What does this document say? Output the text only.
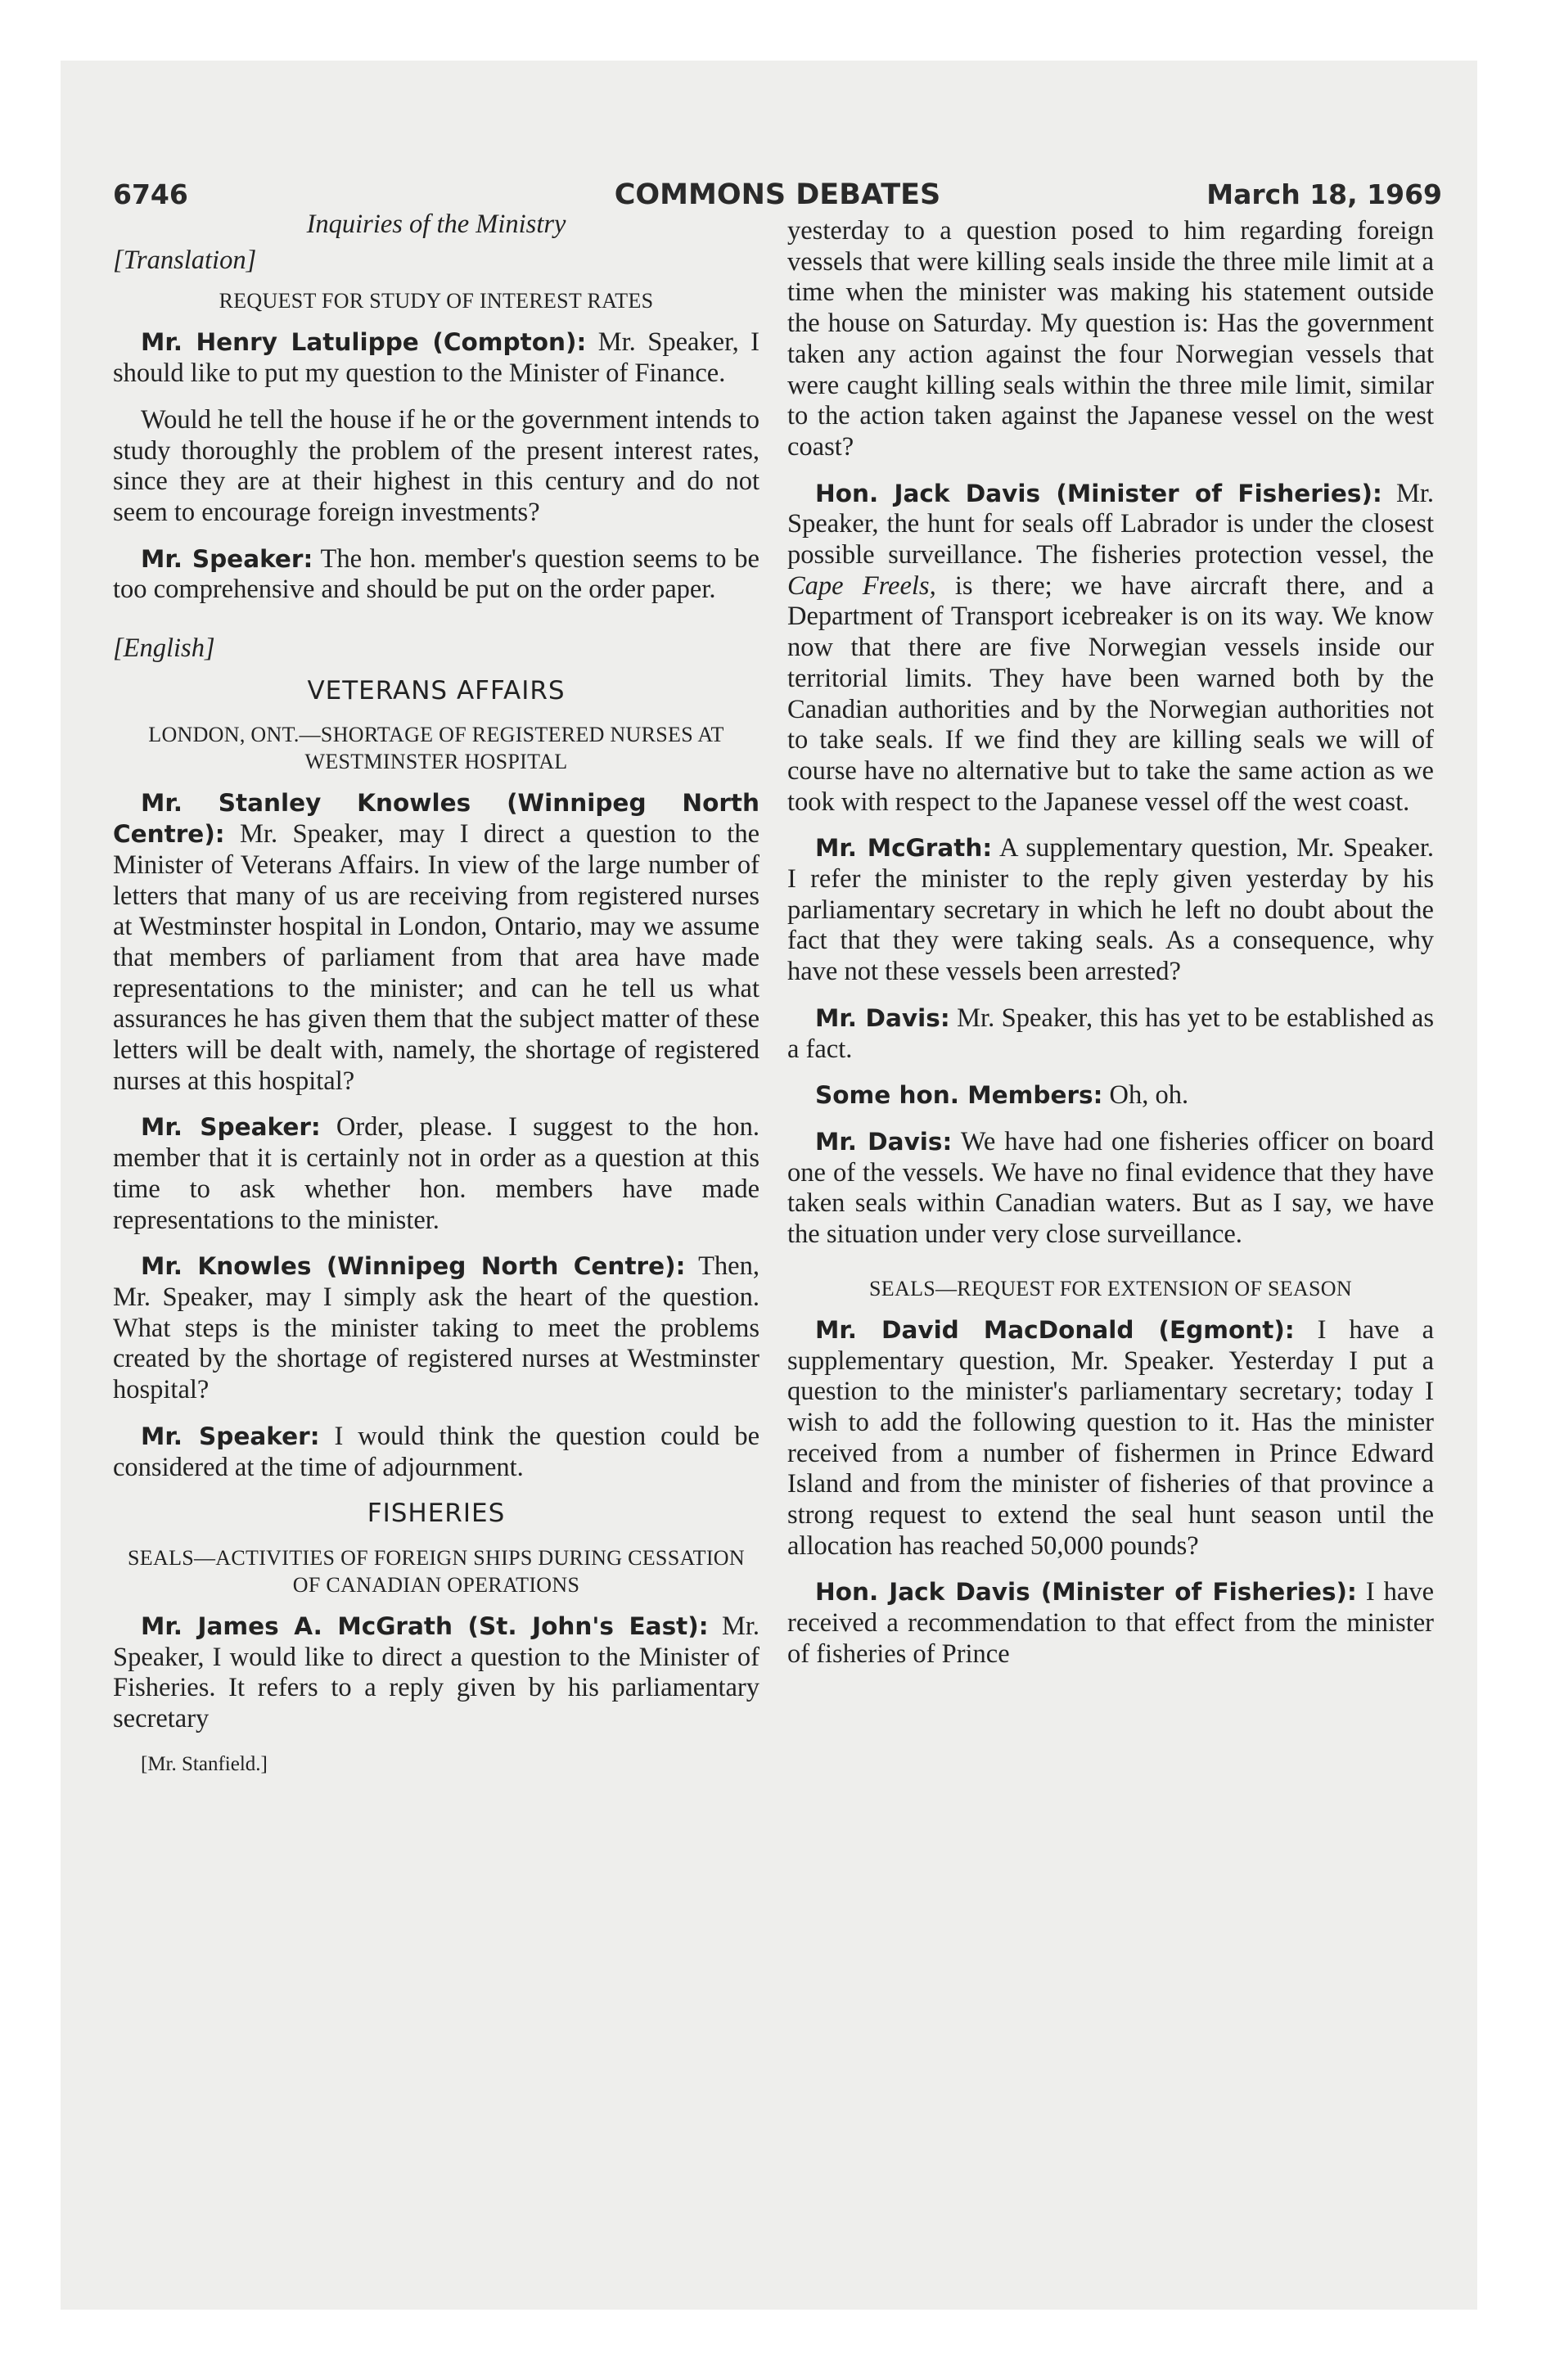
6746	COMMONS DEBATES	March 18, 1969
Inquiries of the Ministry
[Translation]
REQUEST FOR STUDY OF INTEREST RATES

Mr. Henry Latulippe (Compton): Mr. Speaker, I should like to put my question to the Minister of Finance.

Would he tell the house if he or the government intends to study thoroughly the problem of the present interest rates, since they are at their highest in this century and do not seem to encourage foreign investments?

Mr. Speaker: The hon. member's question seems to be too comprehensive and should be put on the order paper.

[English]
VETERANS AFFAIRS
LONDON, ONT.—SHORTAGE OF REGISTERED NURSES AT WESTMINSTER HOSPITAL

Mr. Stanley Knowles (Winnipeg North Centre): Mr. Speaker, may I direct a question to the Minister of Veterans Affairs. In view of the large number of letters that many of us are receiving from registered nurses at Westminster hospital in London, Ontario, may we assume that members of parliament from that area have made representations to the minister; and can he tell us what assurances he has given them that the subject matter of these letters will be dealt with, namely, the shortage of registered nurses at this hospital?

Mr. Speaker: Order, please. I suggest to the hon. member that it is certainly not in order as a question at this time to ask whether hon. members have made representations to the minister.

Mr. Knowles (Winnipeg North Centre): Then, Mr. Speaker, may I simply ask the heart of the question. What steps is the minister taking to meet the problems created by the shortage of registered nurses at Westminster hospital?

Mr. Speaker: I would think the question could be considered at the time of adjournment.

FISHERIES
SEALS—ACTIVITIES OF FOREIGN SHIPS DURING CESSATION OF CANADIAN OPERATIONS

Mr. James A. McGrath (St. John's East): Mr. Speaker, I would like to direct a question to the Minister of Fisheries. It refers to a reply given by his parliamentary secretary

[Mr. Stanfield.]

yesterday to a question posed to him regarding foreign vessels that were killing seals inside the three mile limit at a time when the minister was making his statement outside the house on Saturday. My question is: Has the government taken any action against the four Norwegian vessels that were caught killing seals within the three mile limit, similar to the action taken against the Japanese vessel on the west coast?

Hon. Jack Davis (Minister of Fisheries): Mr. Speaker, the hunt for seals off Labrador is under the closest possible surveillance. The fisheries protection vessel, the Cape Freels, is there; we have aircraft there, and a Department of Transport icebreaker is on its way. We know now that there are five Norwegian vessels inside our territorial limits. They have been warned both by the Canadian authorities and by the Norwegian authorities not to take seals. If we find they are killing seals we will of course have no alternative but to take the same action as we took with respect to the Japanese vessel off the west coast.

Mr. McGrath: A supplementary question, Mr. Speaker. I refer the minister to the reply given yesterday by his parliamentary secretary in which he left no doubt about the fact that they were taking seals. As a consequence, why have not these vessels been arrested?

Mr. Davis: Mr. Speaker, this has yet to be established as a fact.

Some hon. Members: Oh, oh.

Mr. Davis: We have had one fisheries officer on board one of the vessels. We have no final evidence that they have taken seals within Canadian waters. But as I say, we have the situation under very close surveillance.

SEALS—REQUEST FOR EXTENSION OF SEASON

Mr. David MacDonald (Egmont): I have a supplementary question, Mr. Speaker. Yesterday I put a question to the minister's parliamentary secretary; today I wish to add the following question to it. Has the minister received from a number of fishermen in Prince Edward Island and from the minister of fisheries of that province a strong request to extend the seal hunt season until the allocation has reached 50,000 pounds?

Hon. Jack Davis (Minister of Fisheries): I have received a recommendation to that effect from the minister of fisheries of Prince
